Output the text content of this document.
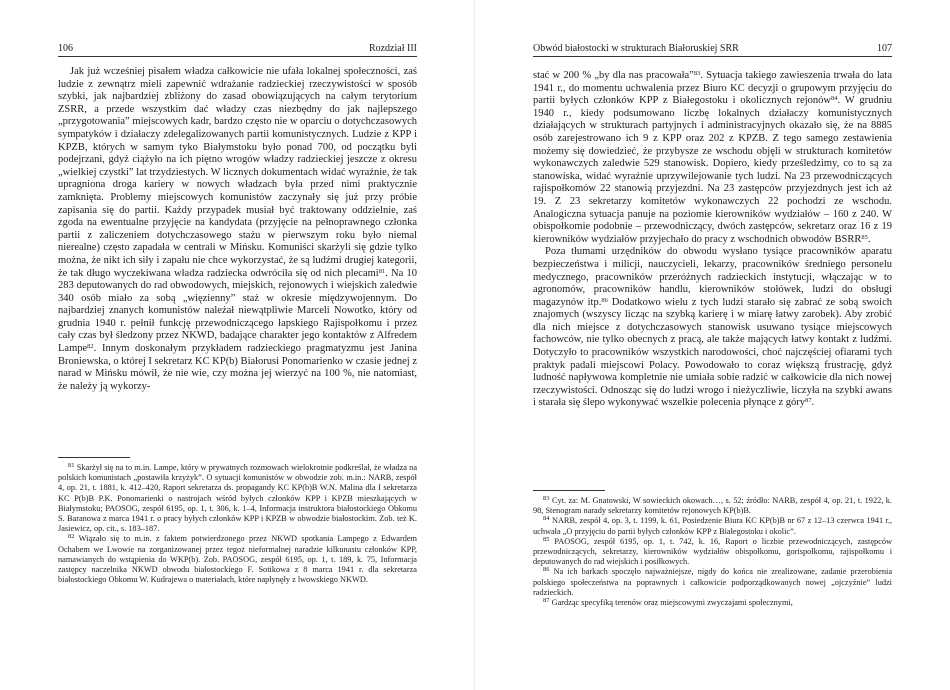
106	Rozdział III

Jak już wcześniej pisałem władza całkowicie nie ufała lokalnej społeczności, zaś ludzie z zewnątrz mieli zapewnić wdrażanie radzieckiej rzeczywistości w sposób szybki, jak najbardziej zbliżony do zasad obowiązujących na całym terytorium ZSRR, a przede wszystkim dać władzy czas niezbędny do jak najlepszego „przygotowania” miejscowych kadr, bardzo często nie w oparciu o dotychczasowych sympatyków i działaczy zdelegalizowanych partii komunistycznych. Ludzie z KPP i KPZB, których w samym tyko Białymstoku było ponad 700, od początku byli podejrzani, gdyż ciążyło na ich piętno wrogów władzy radzieckiej jeszcze z okresu „wielkiej czystki” lat trzydziestych. W licznych dokumentach widać wyraźnie, że tak upragniona droga kariery w nowych władzach była przed nimi praktycznie zamknięta. Problemy miejscowych komunistów zaczynały się już przy próbie zapisania się do partii. Każdy przypadek musiał być traktowany oddzielnie, zaś zgoda na ewentualne przyjęcie na kandydata (przyjęcie na pełnoprawnego członka partii z zaliczeniem dotychczasowego stażu w pierwszym roku było niemal nierealne) często zapadała w centrali w Mińsku. Komuniści skarżyli się gdzie tylko można, że nikt ich siły i zapału nie chce wykorzystać, że są ludźmi drugiej kategorii, że tak długo wyczekiwana władza radziecka odwróciła się od nich plecami$^{81}$. Na 10 283 deputowanych do rad obwodowych, miejskich, rejonowych i wiejskich zaledwie 340 osób miało za sobą „więzienny” staż w okresie międzywojennym. Do najbardziej znanych komunistów należał niewątpliwie Marceli Nowotko, który od grudnia 1940 r. pełnił funkcję przewodniczącego łapskiego Rajispołkomu i przez cały czas był śledzony przez NKWD, badające charakter jego kontaktów z Alfredem Lampe$^{82}$. Innym doskonałym przykładem radzieckiego pragmatyzmu jest Janina Broniewska, o której I sekretarz KC KP(b) Białorusi Ponomarienko w czasie jednej z narad w Mińsku mówił, że nie wie, czy można jej wierzyć na 100 %, nie natomiast, że należy ją wykorzy-

$^{81}$ Skarżył się na to m.in. Lampe, który w prywatnych rozmowach wielokrotnie podkreślał, że władza na polskich komunistach „postawiła krzyżyk”. O sytuacji komunistów w obwodzie zob. m.in.: NARB, zespół 4, op. 21, t. 1881, k. 412–420, Raport sekretarza ds. propagandy KC KP(b)B W.N. Malina dla I sekretarza KC P(b)B P.K. Ponomarienki o nastrojach wśród byłych członków KPP i KPZB mieszkających w Białymstoku; PAOSOG, zespół 6195, op. 1, t. 306, k. 1–4, Informacja instruktora białostockiego Obkomu S. Baranowa z marca 1941 r. o pracy byłych członków KPP i KPZB w obwodzie białostockim. Zob. też K. Jasiewicz, op. cit., s. 183–187.

$^{82}$ Wiązało się to m.in. z faktem potwierdzonego przez NKWD spotkania Lampego z Edwardem Ochabem we Lwowie na zorganizowanej przez tegoż nieformalnej naradzie kilkunastu członków KPP, namawianych do wstąpienia do WKP(b). Zob. PAOSOG, zespół 6195, op. 1, t. 189, k. 75, Informacja zastępcy naczelnika NKWD obwodu białostockiego F. Sotikowa z 8 marca 1941 r. dla sekretarza białostockiego Obkomu W. Kudrajewa o materiałach, które napłynęły z lwowskiego NKWD.

Obwód białostocki w strukturach Białoruskiej SRR	107

stać w 200 % „by dla nas pracowała”$^{83}$. Sytuacja takiego zawieszenia trwała do lata 1941 r., do momentu uchwalenia przez Biuro KC decyzji o grupowym przyjęciu do partii byłych członków KPP z Białegostoku i okolicznych rejonów$^{84}$. W grudniu 1940 r., kiedy podsumowano liczbę lokalnych działaczy komunistycznych działających w strukturach partyjnych i administracyjnych okazało się, że na 8885 osób zarejestrowano ich 9 z KPP oraz 202 z KPZB. Z tego samego zestawienia możemy się dowiedzieć, że przybysze ze wschodu objęli w strukturach komitetów wykonawczych zaledwie 529 stanowisk. Dopiero, kiedy prześledzimy, co to są za stanowiska, widać wyraźnie uprzywilejowanie tych ludzi. Na 23 przewodniczących rajispołkomów 22 stanowią przyjezdni. Na 23 zastępców przyjezdnych jest ich aż 19. Z 23 sekretarzy komitetów wykonawczych 22 pochodzi ze wschodu. Analogiczna sytuacja panuje na poziomie kierowników wydziałów – 160 z 240. W obispołkomie podobnie – przewodniczący, dwóch zastępców, sekretarz oraz 16 z 19 kierowników wydziałów przyjechało do pracy z wschodnich obwodów BSRR$^{85}$.

Poza tłumami urzędników do obwodu wysłano tysiące pracowników aparatu bezpieczeństwa i milicji, nauczycieli, lekarzy, pracowników średniego personelu medycznego, pracowników przeróżnych radzieckich instytucji, włączając w to agronomów, pracowników handlu, kierowników stołówek, ludzi do obsługi magazynów itp.$^{86}$ Dodatkowo wielu z tych ludzi starało się zabrać ze sobą swoich znajomych (wszyscy licząc na szybką karierę i w miarę łatwy zarobek). Aby zrobić dla nich miejsce z dotychczasowych stanowisk usuwano tysiące miejscowych fachowców, nie tylko obecnych z pracą, ale także mających łatwy kontakt z ludźmi. Dotyczyło to pracowników wszystkich narodowości, choć najczęściej ofiarami tych praktyk padali miejscowi Polacy. Powodowało to coraz większą frustrację, gdyż ludność napływowa kompletnie nie umiała sobie radzić w całkowicie dla nich nowej rzeczywistości. Odnosząc się do ludzi wrogo i nieżyczliwie, liczyła na szybki awans i starała się ślepo wykonywać wszelkie polecenia płynące z góry$^{87}$.

$^{83}$ Cyt. za: M. Gnatowski, W sowieckich okowach…, s. 52; źródło: NARB, zespół 4, op. 21, t. 1922, k. 98, Stenogram narady sekretarzy komitetów rejonowych KP(b)B.

$^{84}$ NARB, zespół 4, op. 3, t. 1199, k. 61, Posiedzenie Biura KC KP(b)B nr 67 z 12–13 czerwca 1941 r., uchwała „O przyjęciu do partii byłych członków KPP z Białegostoku i okolic”.

$^{85}$ PAOSOG, zespół 6195, op. 1, t. 742, k. 16, Raport o liczbie przewodniczących, zastępców przewodniczących, sekretarzy, kierowników wydziałów obispołkomu, gorispołkomu, rajispołkomu i deputowanych do rad wiejskich i posiłkowych.

$^{86}$ Na ich barkach spoczęło najważniejsze, nigdy do końca nie zrealizowane, zadanie przerobienia polskiego społeczeństwa na poprawnych i całkowicie podporządkowanych nowej „ojczyźnie” ludzi radzieckich.

$^{87}$ Gardząc specyfiką terenów oraz miejscowymi zwyczajami społecznymi,
